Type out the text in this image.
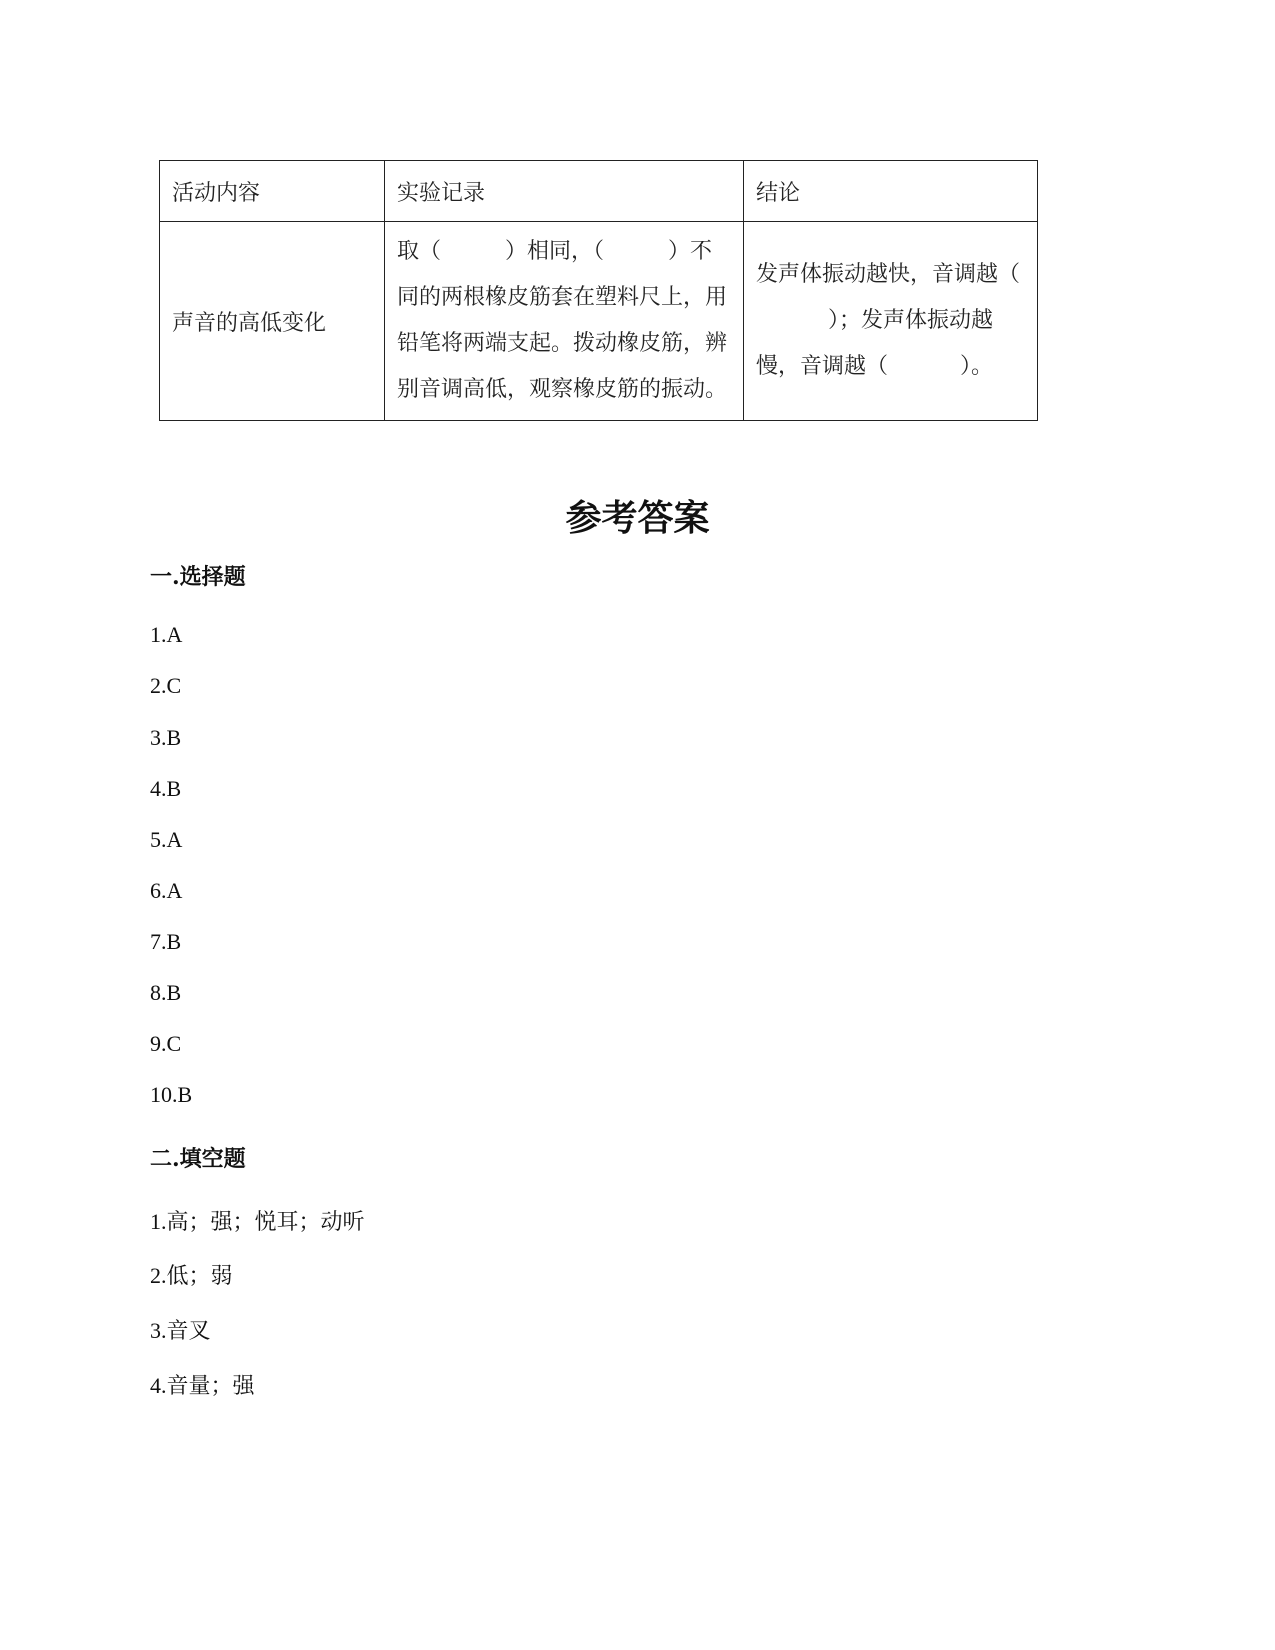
活动内容	实验记录	结论
声音的高低变化	取（ ）相同，（ ）不同的两根橡皮筋套在塑料尺上，用铅笔将两端支起。拨动橡皮筋，辨别音调高低，观察橡皮筋的振动。	发声体振动越快，音调越（）；发声体振动越慢，音调越（ ）。
参考答案
一.选择题
1.A
2.C
3.B
4.B
5.A
6.A
7.B
8.B
9.C
10.B
二.填空题
1.高；强；悦耳；动听
2.低；弱
3.音叉
4.音量；强
